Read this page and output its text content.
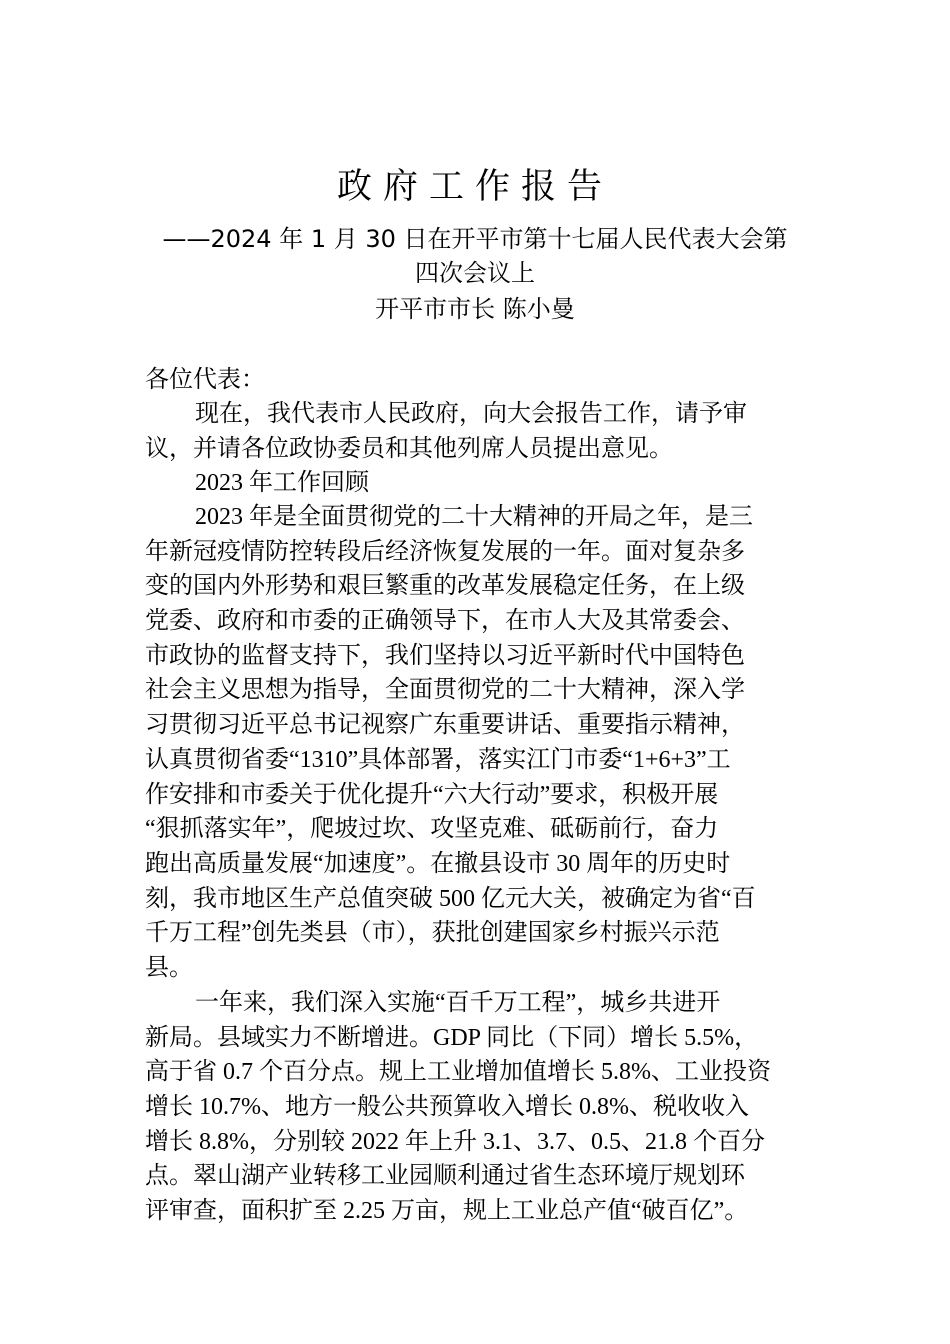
政府工作报告
——2024 年 1 月 30 日在开平市第十七届人民代表大会第
四次会议上
开平市市长 陈小曼
各位代表：
现在，我代表市人民政府，向大会报告工作，请予审
议，并请各位政协委员和其他列席人员提出意见。
2023 年工作回顾
2023 年是全面贯彻党的二十大精神的开局之年，是三
年新冠疫情防控转段后经济恢复发展的一年。面对复杂多
变的国内外形势和艰巨繁重的改革发展稳定任务，在上级
党委、政府和市委的正确领导下，在市人大及其常委会、
市政协的监督支持下，我们坚持以习近平新时代中国特色
社会主义思想为指导，全面贯彻党的二十大精神，深入学
习贯彻习近平总书记视察广东重要讲话、重要指示精神，
认真贯彻省委“1310”具体部署，落实江门市委“1+6+3”工
作安排和市委关于优化提升“六大行动”要求，积极开展
“狠抓落实年”，爬坡过坎、攻坚克难、砥砺前行，奋力
跑出高质量发展“加速度”。在撤县设市 30 周年的历史时
刻，我市地区生产总值突破 500 亿元大关，被确定为省“百
千万工程”创先类县（市），获批创建国家乡村振兴示范
县。
一年来，我们深入实施“百千万工程”，城乡共进开
新局。县域实力不断增进。GDP 同比（下同）增长 5.5%，
高于省 0.7 个百分点。规上工业增加值增长 5.8%、工业投资
增长 10.7%、地方一般公共预算收入增长 0.8%、税收收入
增长 8.8%，分别较 2022 年上升 3.1、3.7、0.5、21.8 个百分
点。翠山湖产业转移工业园顺利通过省生态环境厅规划环
评审查，面积扩至 2.25 万亩，规上工业总产值“破百亿”。
